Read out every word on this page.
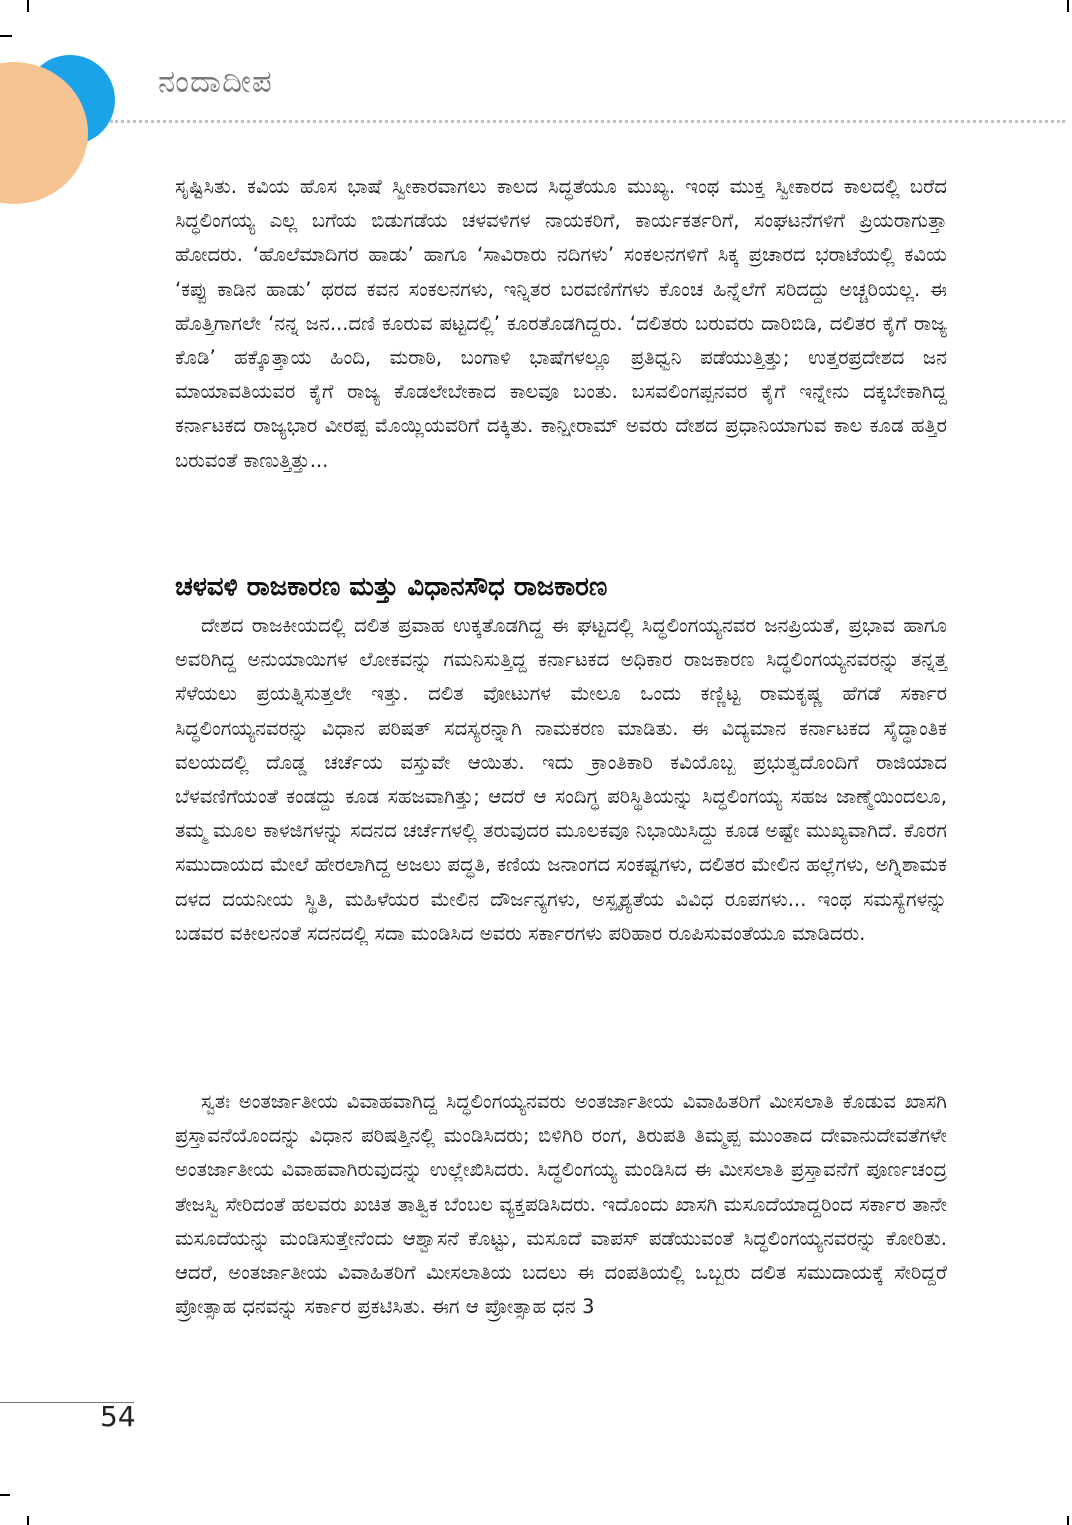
ನಂದಾದೀಪ

ಸೃಷ್ಟಿಸಿತು. ಕವಿಯ ಹೊಸ ಭಾಷೆ ಸ್ವೀಕಾರವಾಗಲು ಕಾಲದ ಸಿದ್ಧತೆಯೂ ಮುಖ್ಯ. ಇಂಥ ಮುಕ್ತ ಸ್ವೀಕಾರದ ಕಾಲದಲ್ಲಿ ಬರೆದ ಸಿದ್ಧಲಿಂಗಯ್ಯ ಎಲ್ಲ ಬಗೆಯ ಬಿಡುಗಡೆಯ ಚಳವಳಿಗಳ ನಾಯಕರಿಗೆ, ಕಾರ್ಯಕರ್ತರಿಗೆ, ಸಂಘಟನೆಗಳಿಗೆ ಪ್ರಿಯರಾಗುತ್ತಾ ಹೋದರು. ‘ಹೊಲೆಮಾದಿಗರ ಹಾಡು’ ಹಾಗೂ ‘ಸಾವಿರಾರು ನದಿಗಳು’ ಸಂಕಲನಗಳಿಗೆ ಸಿಕ್ಕ ಪ್ರಚಾರದ ಭರಾಟೆಯಲ್ಲಿ ಕವಿಯ ‘ಕಪ್ಪು ಕಾಡಿನ ಹಾಡು’ ಥರದ ಕವನ ಸಂಕಲನಗಳು, ಇನ್ನಿತರ ಬರವಣಿಗೆಗಳು ಕೊಂಚ ಹಿನ್ನೆಲೆಗೆ ಸರಿದದ್ದು ಅಚ್ಚರಿಯಲ್ಲ. ಈ ಹೊತ್ತಿಗಾಗಲೇ ‘ನನ್ನ ಜನ...ದಣಿ ಕೂರುವ ಪಟ್ಟದಲ್ಲಿ’ ಕೂರತೊಡಗಿದ್ದರು. ‘ದಲಿತರು ಬರುವರು ದಾರಿಬಿಡಿ, ದಲಿತರ ಕೈಗೆ ರಾಜ್ಯ ಕೊಡಿ’ ಹಕ್ಕೊತ್ತಾಯ ಹಿಂದಿ, ಮರಾಠಿ, ಬಂಗಾಳಿ ಭಾಷೆಗಳಲ್ಲೂ ಪ್ರತಿಧ್ವನಿ ಪಡೆಯುತ್ತಿತ್ತು; ಉತ್ತರಪ್ರದೇಶದ ಜನ ಮಾಯಾವತಿಯವರ ಕೈಗೆ ರಾಜ್ಯ ಕೊಡಲೇಬೇಕಾದ ಕಾಲವೂ ಬಂತು. ಬಸವಲಿಂಗಪ್ಪನವರ ಕೈಗೆ ಇನ್ನೇನು ದಕ್ಕಬೇಕಾಗಿದ್ದ ಕರ್ನಾಟಕದ ರಾಜ್ಯಭಾರ ವೀರಪ್ಪ ಮೊಯ್ಲಿಯವರಿಗೆ ದಕ್ಕಿತು. ಕಾನ್ಷೀರಾಮ್ ಅವರು ದೇಶದ ಪ್ರಧಾನಿಯಾಗುವ ಕಾಲ ಕೂಡ ಹತ್ತಿರ ಬರುವಂತೆ ಕಾಣುತ್ತಿತ್ತು...

ಚಳವಳಿ ರಾಜಕಾರಣ ಮತ್ತು ವಿಧಾನಸೌಧ ರಾಜಕಾರಣ

ದೇಶದ ರಾಜಕೀಯದಲ್ಲಿ ದಲಿತ ಪ್ರವಾಹ ಉಕ್ಕತೊಡಗಿದ್ದ ಈ ಘಟ್ಟದಲ್ಲಿ ಸಿದ್ಧಲಿಂಗಯ್ಯನವರ ಜನಪ್ರಿಯತೆ, ಪ್ರಭಾವ ಹಾಗೂ ಅವರಿಗಿದ್ದ ಅನುಯಾಯಿಗಳ ಲೋಕವನ್ನು ಗಮನಿಸುತ್ತಿದ್ದ ಕರ್ನಾಟಕದ ಅಧಿಕಾರ ರಾಜಕಾರಣ ಸಿದ್ಧಲಿಂಗಯ್ಯನವರನ್ನು ತನ್ನತ್ತ ಸೆಳೆಯಲು ಪ್ರಯತ್ನಿಸುತ್ತಲೇ ಇತ್ತು. ದಲಿತ ವೋಟುಗಳ ಮೇಲೂ ಒಂದು ಕಣ್ಣಿಟ್ಟ ರಾಮಕೃಷ್ಣ ಹೆಗಡೆ ಸರ್ಕಾರ ಸಿದ್ಧಲಿಂಗಯ್ಯನವರನ್ನು ವಿಧಾನ ಪರಿಷತ್ ಸದಸ್ಯರನ್ನಾಗಿ ನಾಮಕರಣ ಮಾಡಿತು. ಈ ವಿದ್ಯಮಾನ ಕರ್ನಾಟಕದ ಸೈದ್ಧಾಂತಿಕ ವಲಯದಲ್ಲಿ ದೊಡ್ಡ ಚರ್ಚೆಯ ವಸ್ತುವೇ ಆಯಿತು. ಇದು ಕ್ರಾಂತಿಕಾರಿ ಕವಿಯೊಬ್ಬ ಪ್ರಭುತ್ವದೊಂದಿಗೆ ರಾಜಿಯಾದ ಬೆಳವಣಿಗೆಯಂತೆ ಕಂಡದ್ದು ಕೂಡ ಸಹಜವಾಗಿತ್ತು; ಆದರೆ ಆ ಸಂದಿಗ್ಧ ಪರಿಸ್ಥಿತಿಯನ್ನು ಸಿದ್ಧಲಿಂಗಯ್ಯ ಸಹಜ ಜಾಣ್ಮೆಯಿಂದಲೂ, ತಮ್ಮ ಮೂಲ ಕಾಳಜಿಗಳನ್ನು ಸದನದ ಚರ್ಚೆಗಳಲ್ಲಿ ತರುವುದರ ಮೂಲಕವೂ ನಿಭಾಯಿಸಿದ್ದು ಕೂಡ ಅಷ್ಟೇ ಮುಖ್ಯವಾಗಿದೆ. ಕೊರಗ ಸಮುದಾಯದ ಮೇಲೆ ಹೇರಲಾಗಿದ್ದ ಅಜಲು ಪದ್ಧತಿ, ಕಣಿಯ ಜನಾಂಗದ ಸಂಕಷ್ಟಗಳು, ದಲಿತರ ಮೇಲಿನ ಹಲ್ಲೆಗಳು, ಅಗ್ನಿಶಾಮಕ ದಳದ ದಯನೀಯ ಸ್ಥಿತಿ, ಮಹಿಳೆಯರ ಮೇಲಿನ ದೌರ್ಜನ್ಯಗಳು, ಅಸ್ಪೃಶ್ಯತೆಯ ವಿವಿಧ ರೂಪಗಳು... ಇಂಥ ಸಮಸ್ಯೆಗಳನ್ನು ಬಡವರ ವಕೀಲನಂತೆ ಸದನದಲ್ಲಿ ಸದಾ ಮಂಡಿಸಿದ ಅವರು ಸರ್ಕಾರಗಳು ಪರಿಹಾರ ರೂಪಿಸುವಂತೆಯೂ ಮಾಡಿದರು.

ಸ್ವತಃ ಅಂತರ್ಜಾತೀಯ ವಿವಾಹವಾಗಿದ್ದ ಸಿದ್ಧಲಿಂಗಯ್ಯನವರು ಅಂತರ್ಜಾತೀಯ ವಿವಾಹಿತರಿಗೆ ಮೀಸಲಾತಿ ಕೊಡುವ ಖಾಸಗಿ ಪ್ರಸ್ತಾವನೆಯೊಂದನ್ನು ವಿಧಾನ ಪರಿಷತ್ತಿನಲ್ಲಿ ಮಂಡಿಸಿದರು; ಬಿಳಿಗಿರಿ ರಂಗ, ತಿರುಪತಿ ತಿಮ್ಮಪ್ಪ ಮುಂತಾದ ದೇವಾನುದೇವತೆಗಳೇ ಅಂತರ್ಜಾತೀಯ ವಿವಾಹವಾಗಿರುವುದನ್ನು ಉಲ್ಲೇಖಿಸಿದರು. ಸಿದ್ಧಲಿಂಗಯ್ಯ ಮಂಡಿಸಿದ ಈ ಮೀಸಲಾತಿ ಪ್ರಸ್ತಾವನೆಗೆ ಪೂರ್ಣಚಂದ್ರ ತೇಜಸ್ವಿ ಸೇರಿದಂತೆ ಹಲವರು ಖಚಿತ ತಾತ್ವಿಕ ಬೆಂಬಲ ವ್ಯಕ್ತಪಡಿಸಿದರು. ಇದೊಂದು ಖಾಸಗಿ ಮಸೂದೆಯಾದ್ದರಿಂದ ಸರ್ಕಾರ ತಾನೇ ಮಸೂದೆಯನ್ನು ಮಂಡಿಸುತ್ತೇನೆಂದು ಆಶ್ವಾಸನೆ ಕೊಟ್ಟು, ಮಸೂದೆ ವಾಪಸ್ ಪಡೆಯುವಂತೆ ಸಿದ್ಧಲಿಂಗಯ್ಯನವರನ್ನು ಕೋರಿತು. ಆದರೆ, ಅಂತರ್ಜಾತೀಯ ವಿವಾಹಿತರಿಗೆ ಮೀಸಲಾತಿಯ ಬದಲು ಈ ದಂಪತಿಯಲ್ಲಿ ಒಬ್ಬರು ದಲಿತ ಸಮುದಾಯಕ್ಕೆ ಸೇರಿದ್ದರೆ ಪ್ರೋತ್ಸಾಹ ಧನವನ್ನು ಸರ್ಕಾರ ಪ್ರಕಟಿಸಿತು. ಈಗ ಆ ಪ್ರೋತ್ಸಾಹ ಧನ 3

54
